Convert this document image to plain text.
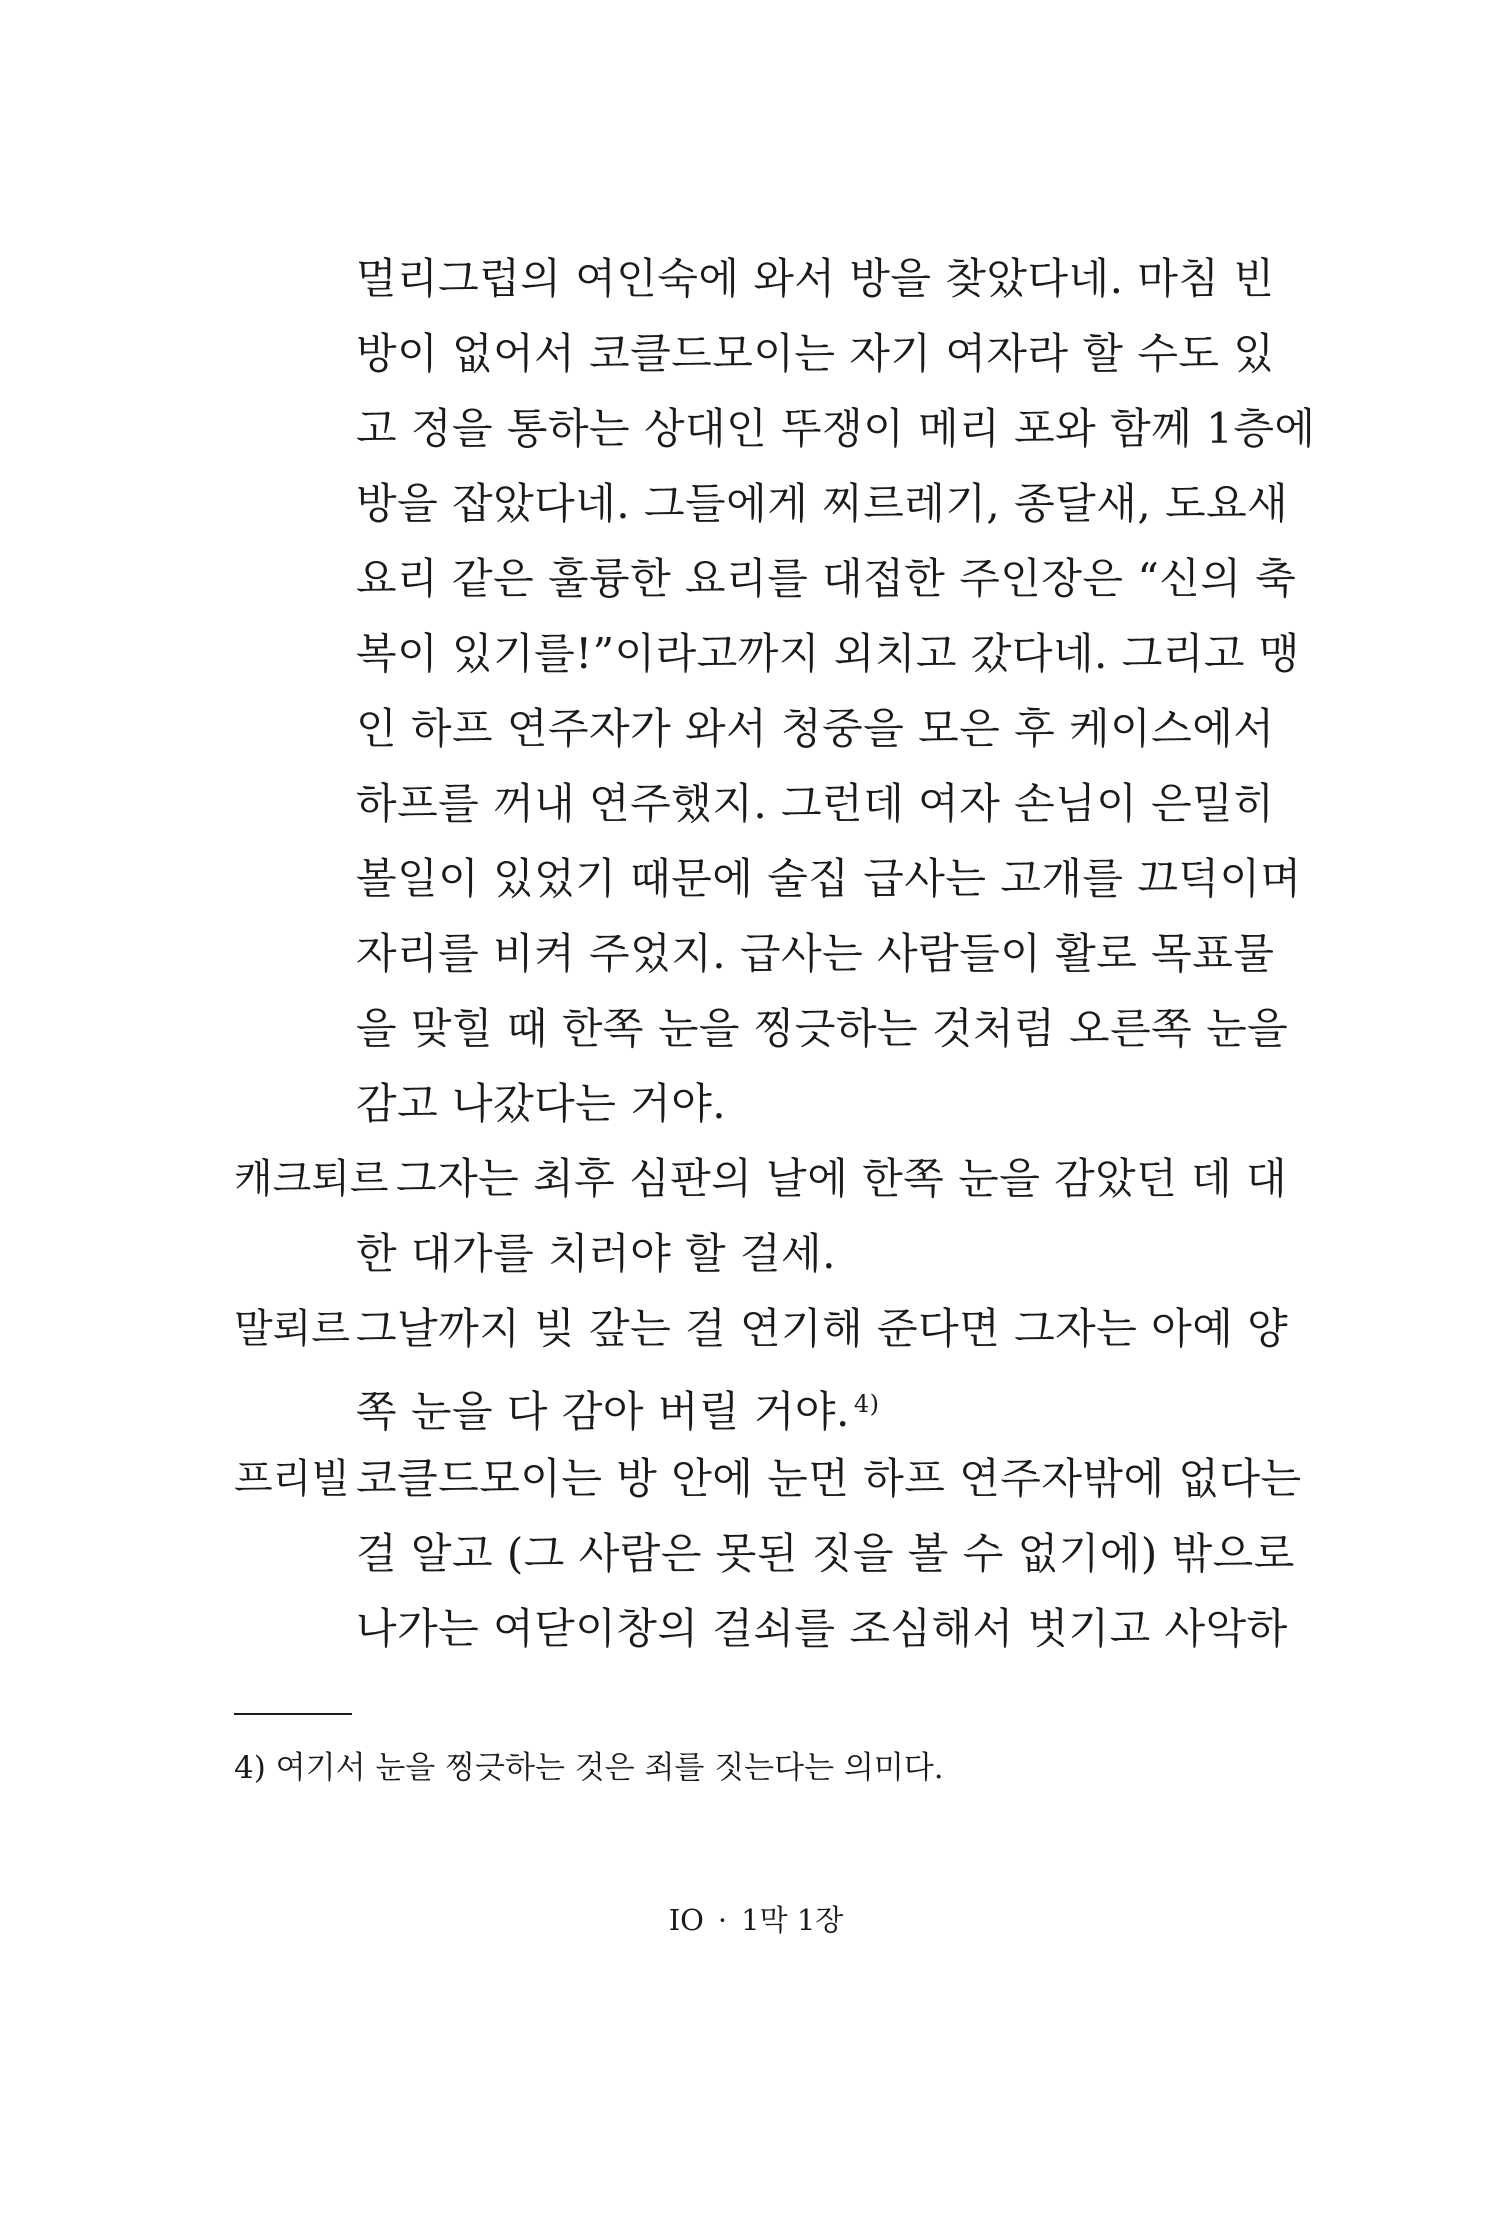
멀리그럽의 여인숙에 와서 방을 찾았다네. 마침 빈
방이 없어서 코클드모이는 자기 여자라 할 수도 있
고 정을 통하는 상대인 뚜쟁이 메리 포와 함께 1층에
방을 잡았다네. 그들에게 찌르레기, 종달새, 도요새
요리 같은 훌륭한 요리를 대접한 주인장은 “신의 축
복이 있기를!”이라고까지 외치고 갔다네. 그리고 맹
인 하프 연주자가 와서 청중을 모은 후 케이스에서
하프를 꺼내 연주했지. 그런데 여자 손님이 은밀히
볼일이 있었기 때문에 술집 급사는 고개를 끄덕이며
자리를 비켜 주었지. 급사는 사람들이 활로 목표물
을 맞힐 때 한쪽 눈을 찡긋하는 것처럼 오른쪽 눈을
감고 나갔다는 거야.
캐크퇴르 그자는 최후 심판의 날에 한쪽 눈을 감았던 데 대
한 대가를 치러야 할 걸세.
말뢰르 그날까지 빚 갚는 걸 연기해 준다면 그자는 아예 양
쪽 눈을 다 감아 버릴 거야. $^{4)}$
프리빌 코클드모이는 방 안에 눈먼 하프 연주자밖에 없다는
걸 알고 (그 사람은 못된 짓을 볼 수 없기에) 밖으로
나가는 여닫이창의 걸쇠를 조심해서 벗기고 사악하
4) 여기서 눈을 찡긋하는 것은 죄를 짓는다는 의미다.
IO · 1막 1장
